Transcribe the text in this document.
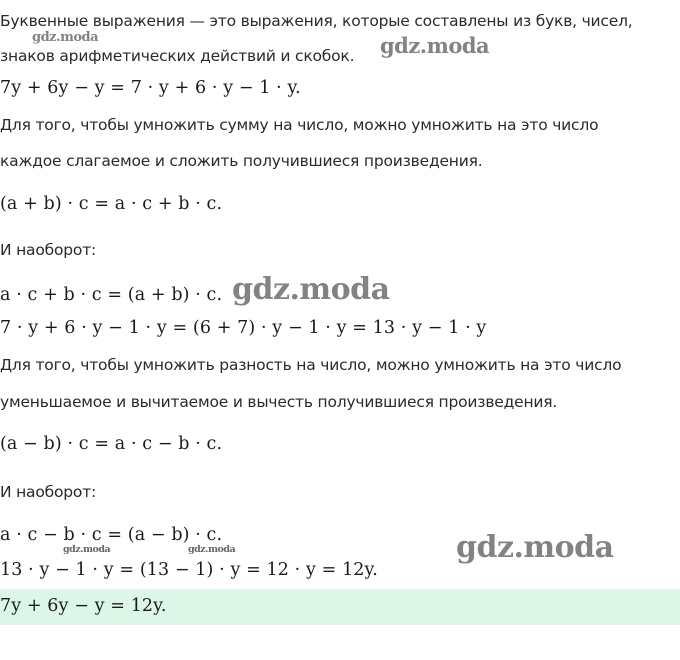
Буквенные выражения — это выражения, которые составлены из букв, чисел,
знаков арифметических действий и скобок.
gdz.moda	gdz.moda
7y + 6y − y = 7 · y + 6 · y − 1 · y.
Для того, чтобы умножить сумму на число, можно умножить на это число
каждое слагаемое и сложить получившиеся произведения.
(a + b) · c = a · c + b · c.
И наоборот:
a · c + b · c = (a + b) · c. gdz.moda
7 · y + 6 · y − 1 · y = (6 + 7) · y − 1 · y = 13 · y − 1 · y
Для того, чтобы умножить разность на число, можно умножить на это число
уменьшаемое и вычитаемое и вычесть получившиеся произведения.
(a − b) · c = a · c − b · c.
И наоборот:
a · c − b · c = (a − b) · c.
gdz.moda	gdz.moda	gdz.moda
13 · y − 1 · y = (13 − 1) · y = 12 · y = 12y.
7y + 6y − y = 12y.
